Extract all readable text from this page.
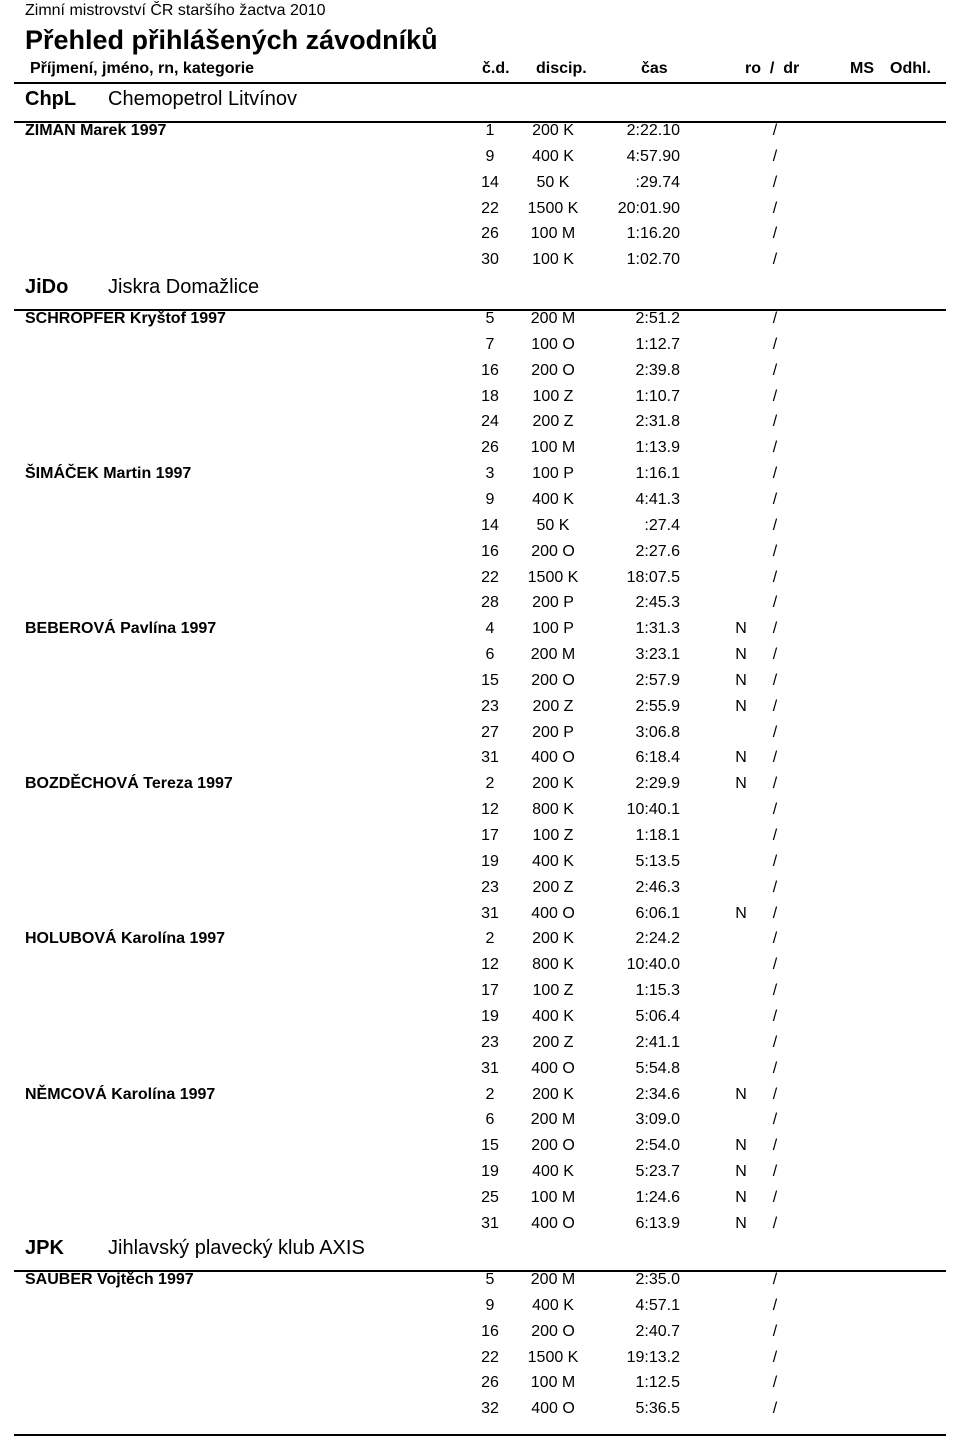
Zimní mistrovství ČR staršího žactva 2010
Přehled přihlášených závodníků
Příjmení, jméno, rn, kategorie	č.d. discip.	čas	ro  /  dr	MS Odhl.
ChpL Chemopetrol Litvínov
ZIMAN Marek 1997	1	200 K	2:22.10	/
9	400 K	4:57.90	/
14	50 K	:29.74	/
22	1500 K	20:01.90	/
26	100 M	1:16.20	/
30	100 K	1:02.70	/
JiDo Jiskra Domažlice
SCHRÖPFER Kryštof 1997	5	200 M	2:51.2	/
7	100 O	1:12.7	/
16	200 O	2:39.8	/
18	100 Z	1:10.7	/
24	200 Z	2:31.8	/
26	100 M	1:13.9	/
ŠIMÁČEK Martin 1997	3	100 P	1:16.1	/
9	400 K	4:41.3	/
14	50 K	:27.4	/
16	200 O	2:27.6	/
22	1500 K	18:07.5	/
28	200 P	2:45.3	/
BEBEROVÁ Pavlína 1997	4	100 P	1:31.3	N /
6	200 M	3:23.1	N /
15	200 O	2:57.9	N /
23	200 Z	2:55.9	N /
27	200 P	3:06.8	/
31	400 O	6:18.4	N /
BOZDĚCHOVÁ Tereza 1997	2	200 K	2:29.9	N /
12	800 K	10:40.1	/
17	100 Z	1:18.1	/
19	400 K	5:13.5	/
23	200 Z	2:46.3	/
31	400 O	6:06.1	N /
HOLUBOVÁ Karolína 1997	2	200 K	2:24.2	/
12	800 K	10:40.0	/
17	100 Z	1:15.3	/
19	400 K	5:06.4	/
23	200 Z	2:41.1	/
31	400 O	5:54.8	/
NĚMCOVÁ Karolína 1997	2	200 K	2:34.6	N /
6	200 M	3:09.0	/
15	200 O	2:54.0	N /
19	400 K	5:23.7	N /
25	100 M	1:24.6	N /
31	400 O	6:13.9	N /
JPK Jihlavský plavecký klub AXIS
SAUBER Vojtěch 1997	5	200 M	2:35.0	/
9	400 K	4:57.1	/
16	200 O	2:40.7	/
22	1500 K	19:13.2	/
26	100 M	1:12.5	/
32	400 O	5:36.5	/
